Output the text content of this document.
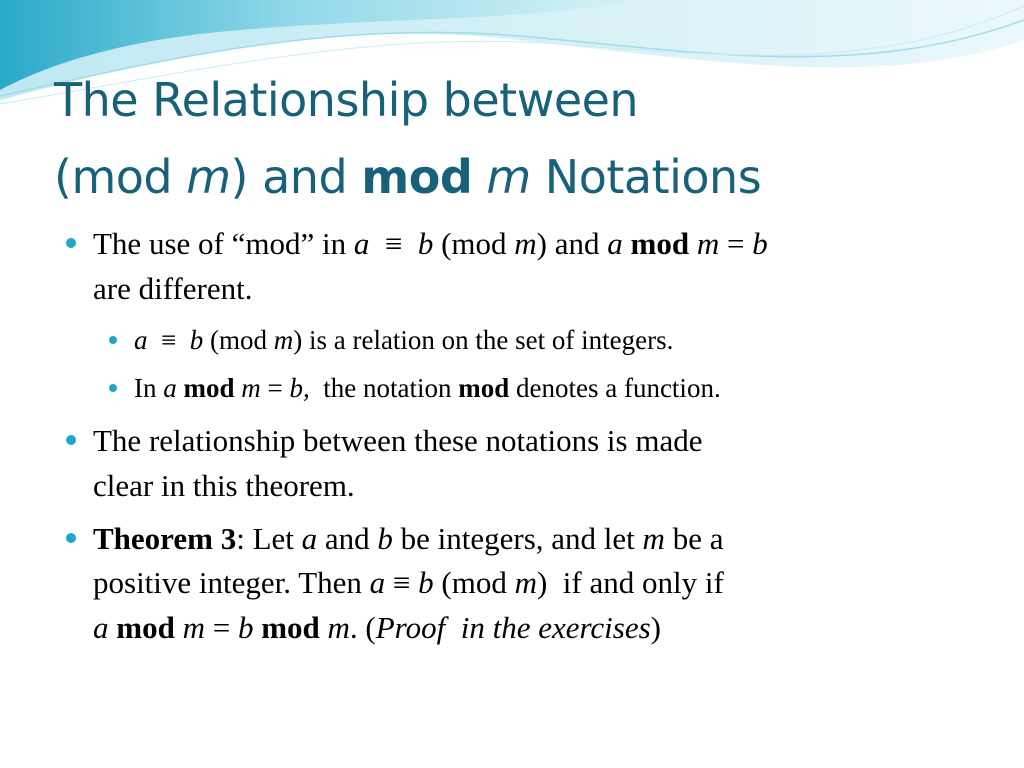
The Relationship between
(mod m) and mod m Notations

The use of “mod” in a  ≡  b (mod m) and a mod m = b

are different.

a  ≡  b (mod m) is a relation on the set of integers.

In a mod m = b,  the notation mod denotes a function.

The relationship between these notations is made

clear in this theorem.

Theorem 3: Let a and b be integers, and let m be a

positive integer. Then a ≡ b (mod m)  if and only if

a mod m = b mod m. (Proof  in the exercises)
